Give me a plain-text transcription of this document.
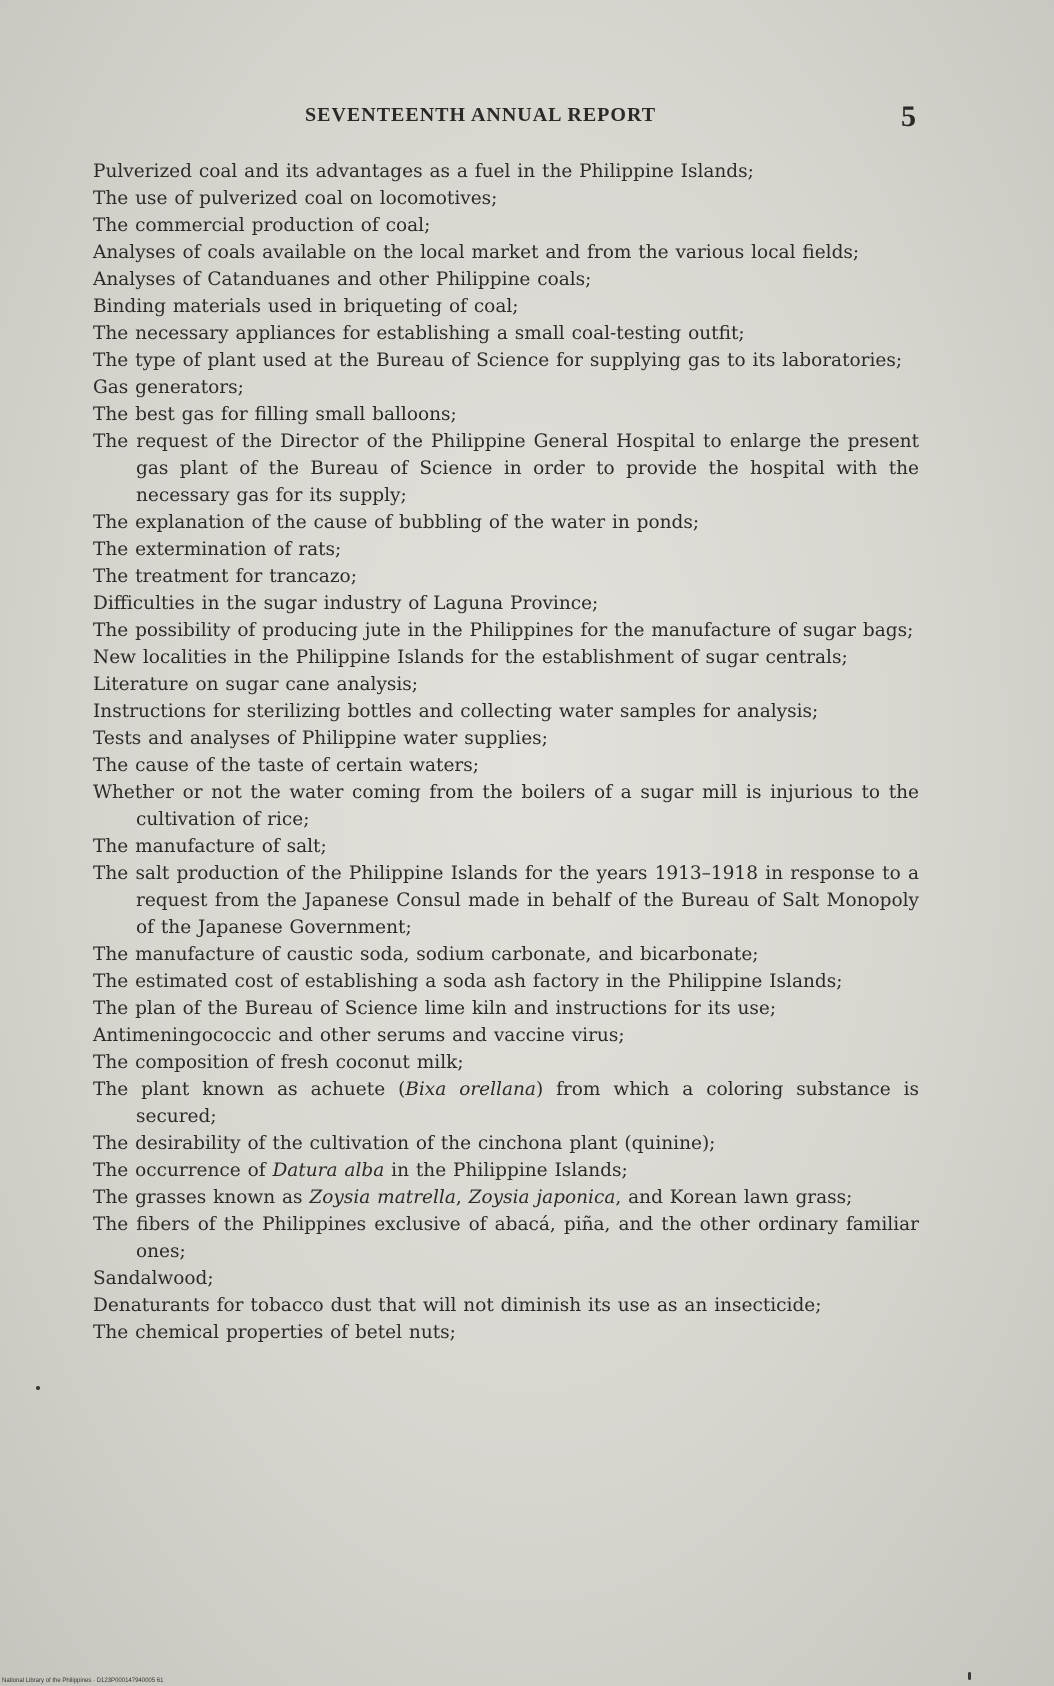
SEVENTEENTH ANNUAL REPORT	5
Pulverized coal and its advantages as a fuel in the Philippine Islands;
The use of pulverized coal on locomotives;
The commercial production of coal;
Analyses of coals available on the local market and from the various local fields;
Analyses of Catanduanes and other Philippine coals;
Binding materials used in briqueting of coal;
The necessary appliances for establishing a small coal-testing outfit;
The type of plant used at the Bureau of Science for supplying gas to its laboratories;
Gas generators;
The best gas for filling small balloons;
The request of the Director of the Philippine General Hospital to enlarge the present gas plant of the Bureau of Science in order to provide the hospital with the necessary gas for its supply;
The explanation of the cause of bubbling of the water in ponds;
The extermination of rats;
The treatment for trancazo;
Difficulties in the sugar industry of Laguna Province;
The possibility of producing jute in the Philippines for the manufacture of sugar bags;
New localities in the Philippine Islands for the establishment of sugar centrals;
Literature on sugar cane analysis;
Instructions for sterilizing bottles and collecting water samples for analysis;
Tests and analyses of Philippine water supplies;
The cause of the taste of certain waters;
Whether or not the water coming from the boilers of a sugar mill is injurious to the cultivation of rice;
The manufacture of salt;
The salt production of the Philippine Islands for the years 1913–1918 in response to a request from the Japanese Consul made in behalf of the Bureau of Salt Monopoly of the Japanese Government;
The manufacture of caustic soda, sodium carbonate, and bicarbonate;
The estimated cost of establishing a soda ash factory in the Philippine Islands;
The plan of the Bureau of Science lime kiln and instructions for its use;
Antimeningococcic and other serums and vaccine virus;
The composition of fresh coconut milk;
The plant known as achuete (Bixa orellana) from which a coloring substance is secured;
The desirability of the cultivation of the cinchona plant (quinine);
The occurrence of Datura alba in the Philippine Islands;
The grasses known as Zoysia matrella, Zoysia japonica, and Korean lawn grass;
The fibers of the Philippines exclusive of abacá, piña, and the other ordinary familiar ones;
Sandalwood;
Denaturants for tobacco dust that will not diminish its use as an insecticide;
The chemical properties of betel nuts;
National Library of the Philippines · D123P000147940005 61
